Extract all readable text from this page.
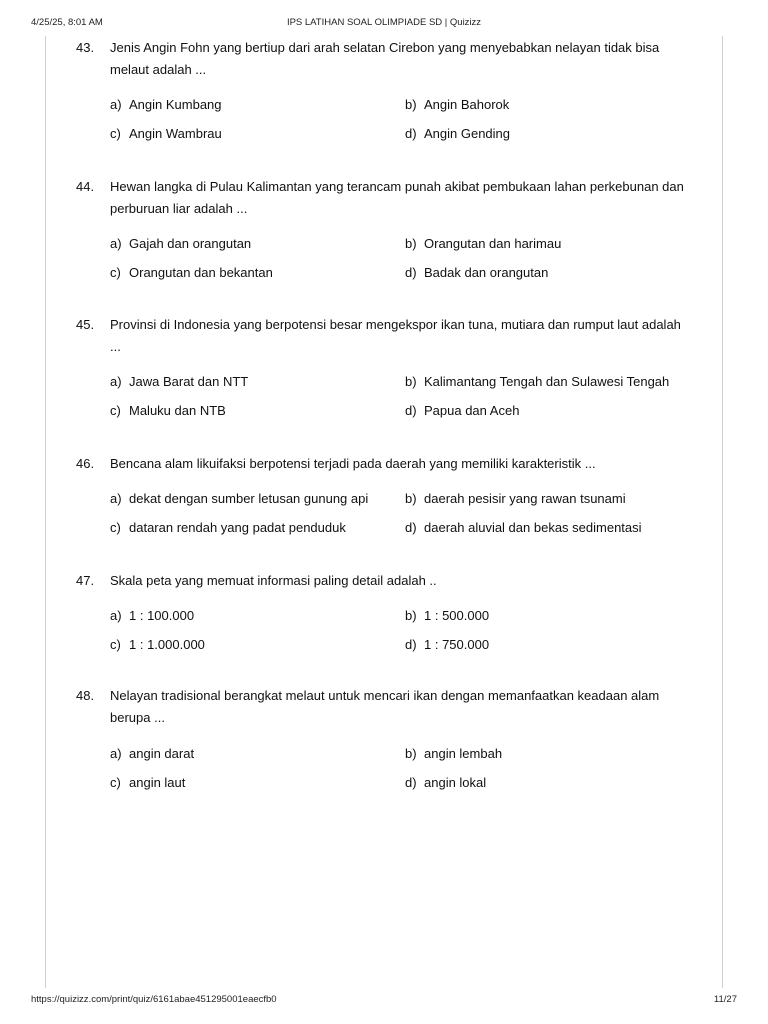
4/25/25, 8:01 AM	IPS LATIHAN SOAL OLIMPIADE SD | Quizizz
43. Jenis Angin Fohn yang bertiup dari arah selatan Cirebon yang menyebabkan nelayan tidak bisa melaut adalah ...
a) Angin Kumbang	b) Angin Bahorok
c) Angin Wambrau	d) Angin Gending
44. Hewan langka di Pulau Kalimantan yang terancam punah akibat pembukaan lahan perkebunan dan perburuan liar adalah ...
a) Gajah dan orangutan	b) Orangutan dan harimau
c) Orangutan dan bekantan	d) Badak dan orangutan
45. Provinsi di Indonesia yang berpotensi besar mengekspor ikan tuna, mutiara dan rumput laut adalah ...
a) Jawa Barat dan NTT	b) Kalimantang Tengah dan Sulawesi Tengah
c) Maluku dan NTB	d) Papua dan Aceh
46. Bencana alam likuifaksi berpotensi terjadi pada daerah yang memiliki karakteristik ...
a) dekat dengan sumber letusan gunung api	b) daerah pesisir yang rawan tsunami
c) dataran rendah yang padat penduduk	d) daerah aluvial dan bekas sedimentasi
47. Skala peta yang memuat informasi paling detail adalah ..
a) 1 : 100.000	b) 1 : 500.000
c) 1 : 1.000.000	d) 1 : 750.000
48. Nelayan tradisional berangkat melaut untuk mencari ikan dengan memanfaatkan keadaan alam berupa ...
a) angin darat	b) angin lembah
c) angin laut	d) angin lokal
https://quizizz.com/print/quiz/6161abae451295001eaecfb0	11/27
